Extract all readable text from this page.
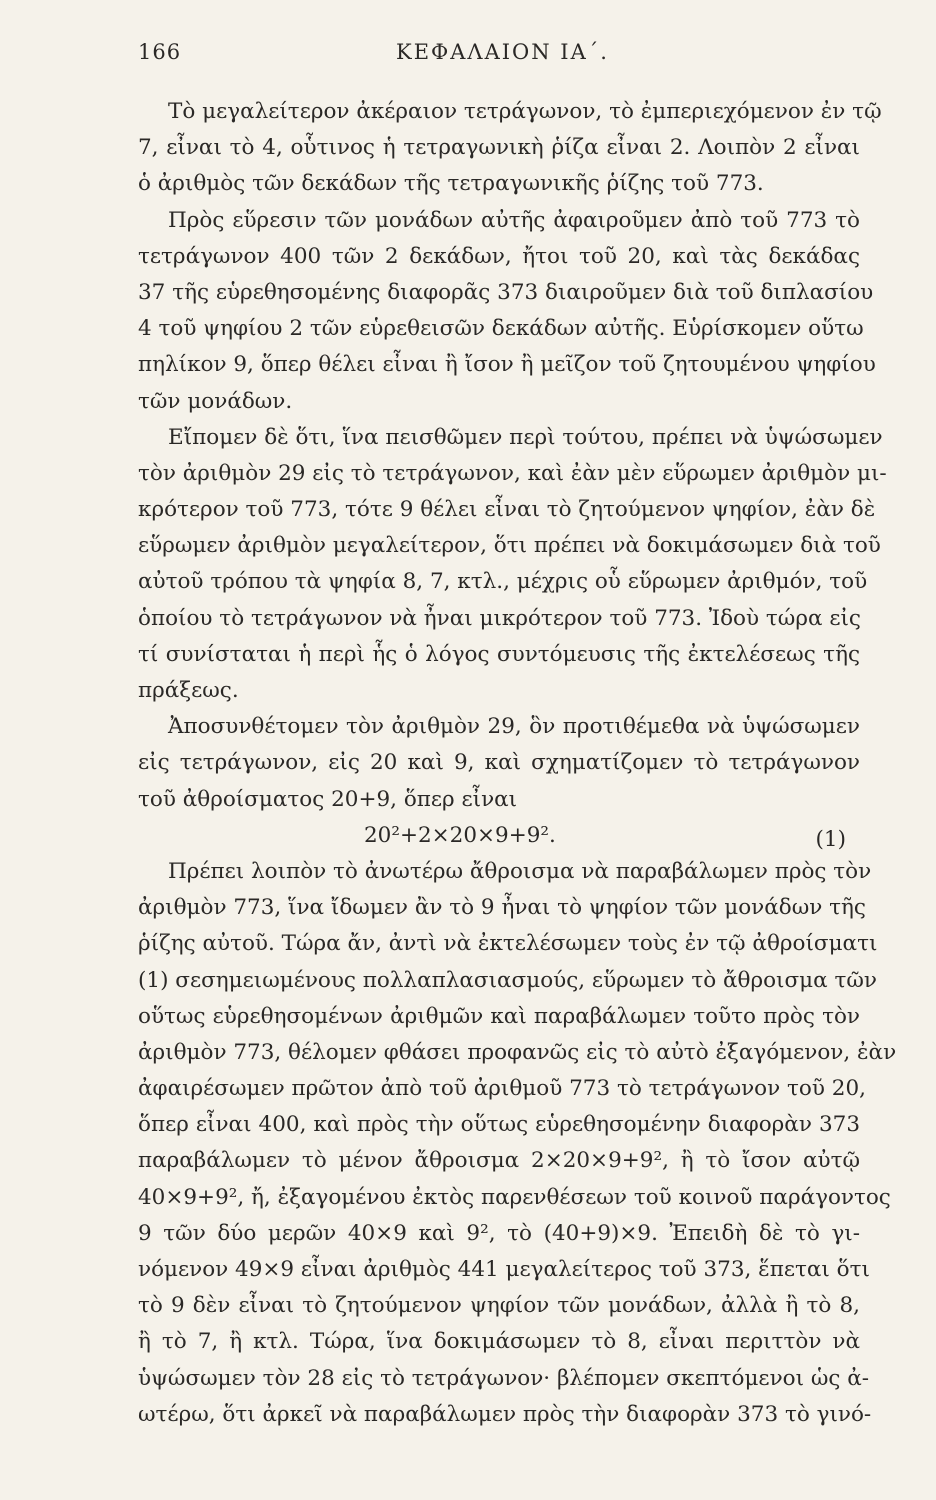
166	ΚΕΦΑΛΑΙΟΝ ΙΑ΄.
Τὸ μεγαλείτερον ἀκέραιον τετράγωνον, τὸ ἐμπεριεχόμενον ἐν τῷ
7, εἶναι τὸ 4, οὗτινος ἡ τετραγωνικὴ ῥίζα εἶναι 2. Λοιπὸν 2 εἶναι
ὁ ἀριθμὸς τῶν δεκάδων τῆς τετραγωνικῆς ῥίζης τοῦ 773.
Πρὸς εὕρεσιν τῶν μονάδων αὐτῆς ἀφαιροῦμεν ἀπὸ τοῦ 773 τὸ
τετράγωνον 400 τῶν 2 δεκάδων, ἤτοι τοῦ 20, καὶ τὰς δεκάδας
37 τῆς εὑρεθησομένης διαφορᾶς 373 διαιροῦμεν διὰ τοῦ διπλασίου
4 τοῦ ψηφίου 2 τῶν εὑρεθεισῶν δεκάδων αὐτῆς. Εὑρίσκομεν οὕτω
πηλίκον 9, ὅπερ θέλει εἶναι ἢ ἴσον ἢ μεῖζον τοῦ ζητουμένου ψηφίου
τῶν μονάδων.
Εἴπομεν δὲ ὅτι, ἵνα πεισθῶμεν περὶ τούτου, πρέπει νὰ ὑψώσωμεν
τὸν ἀριθμὸν 29 εἰς τὸ τετράγωνον, καὶ ἐὰν μὲν εὕρωμεν ἀριθμὸν μι-
κρότερον τοῦ 773, τότε 9 θέλει εἶναι τὸ ζητούμενον ψηφίον, ἐὰν δὲ
εὕρωμεν ἀριθμὸν μεγαλείτερον, ὅτι πρέπει νὰ δοκιμάσωμεν διὰ τοῦ
αὐτοῦ τρόπου τὰ ψηφία 8, 7, κτλ., μέχρις οὗ εὕρωμεν ἀριθμόν, τοῦ
ὁποίου τὸ τετράγωνον νὰ ἦναι μικρότερον τοῦ 773. Ἰδοὺ τώρα εἰς
τί συνίσταται ἡ περὶ ἧς ὁ λόγος συντόμευσις τῆς ἐκτελέσεως τῆς
πράξεως.
Ἀποσυνθέτομεν τὸν ἀριθμὸν 29, ὃν προτιθέμεθα νὰ ὑψώσωμεν
εἰς τετράγωνον, εἰς 20 καὶ 9, καὶ σχηματίζομεν τὸ τετράγωνον
τοῦ ἀθροίσματος 20+9, ὅπερ εἶναι
20²+2×20×9+9².	(1)
Πρέπει λοιπὸν τὸ ἀνωτέρω ἄθροισμα νὰ παραβάλωμεν πρὸς τὸν
ἀριθμὸν 773, ἵνα ἴδωμεν ἂν τὸ 9 ἦναι τὸ ψηφίον τῶν μονάδων τῆς
ῥίζης αὐτοῦ. Τώρα ἄν, ἀντὶ νὰ ἐκτελέσωμεν τοὺς ἐν τῷ ἀθροίσματι
(1) σεσημειωμένους πολλαπλασιασμούς, εὕρωμεν τὸ ἄθροισμα τῶν
οὕτως εὑρεθησομένων ἀριθμῶν καὶ παραβάλωμεν τοῦτο πρὸς τὸν
ἀριθμὸν 773, θέλομεν φθάσει προφανῶς εἰς τὸ αὐτὸ ἐξαγόμενον, ἐὰν
ἀφαιρέσωμεν πρῶτον ἀπὸ τοῦ ἀριθμοῦ 773 τὸ τετράγωνον τοῦ 20,
ὅπερ εἶναι 400, καὶ πρὸς τὴν οὕτως εὑρεθησομένην διαφορὰν 373
παραβάλωμεν τὸ μένον ἄθροισμα 2×20×9+9², ἢ τὸ ἴσον αὐτῷ
40×9+9², ἤ, ἐξαγομένου ἐκτὸς παρενθέσεων τοῦ κοινοῦ παράγοντος
9 τῶν δύο μερῶν 40×9 καὶ 9², τὸ (40+9)×9. Ἐπειδὴ δὲ τὸ γι-
νόμενον 49×9 εἶναι ἀριθμὸς 441 μεγαλείτερος τοῦ 373, ἕπεται ὅτι
τὸ 9 δὲν εἶναι τὸ ζητούμενον ψηφίον τῶν μονάδων, ἀλλὰ ἢ τὸ 8,
ἢ τὸ 7, ἢ κτλ. Τώρα, ἵνα δοκιμάσωμεν τὸ 8, εἶναι περιττὸν νὰ
ὑψώσωμεν τὸν 28 εἰς τὸ τετράγωνον· βλέπομεν σκεπτόμενοι ὡς ἀ-
ωτέρω, ὅτι ἀρκεῖ νὰ παραβάλωμεν πρὸς τὴν διαφορὰν 373 τὸ γινό-
